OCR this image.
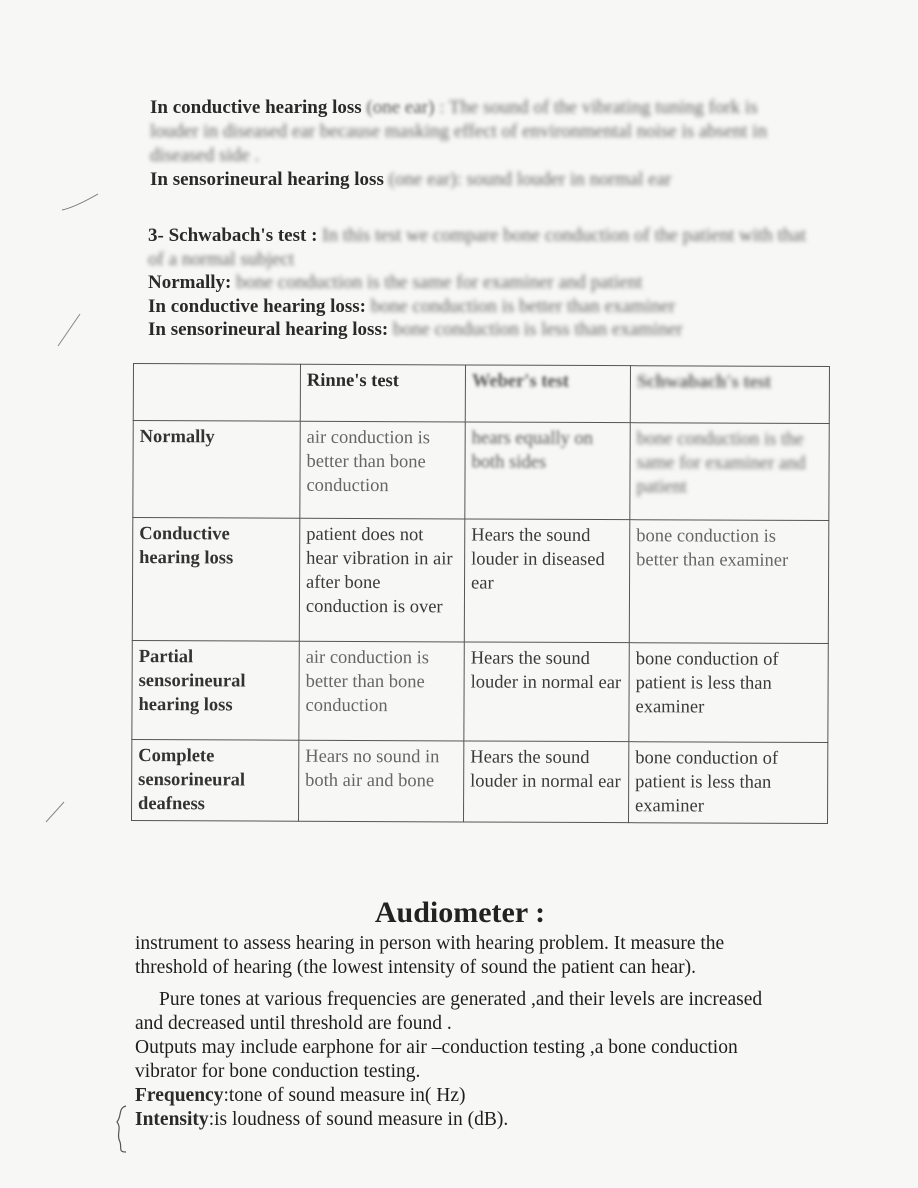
In conductive hearing loss (one ear) : The sound of the vibrating tuning fork is louder in diseased ear because masking effect of environmental noise is absent in diseased side .

In sensorineural hearing loss (one ear): sound louder in normal ear

3- Schwabach's test : In this test we compare bone conduction of the patient with that of a normal subject

Normally: bone conduction is the same for examiner and patient

In conductive hearing loss: bone conduction is better than examiner

In sensorineural hearing loss: bone conduction is less than examiner

	Rinne's test	Weber's test	Schwabach's test
Normally	air conduction is better than bone conduction	hears equally on both sides	bone conduction is the same for examiner and patient
Conductive hearing loss	patient does not hear vibration in air after bone conduction is over	Hears the sound louder in diseased ear	bone conduction is better than examiner
Partial sensorineural hearing loss	air conduction is better than bone conduction	Hears the sound louder in normal ear	bone conduction of patient is less than examiner
Complete sensorineural deafness	Hears no sound in both air and bone	Hears the sound louder in normal ear	bone conduction of patient is less than examiner
Audiometer :

instrument to assess hearing in person with hearing problem. It measure the threshold of hearing (the lowest intensity of sound the patient can hear).

Pure tones at various frequencies are generated ,and their levels are increased and decreased until threshold are found .

Outputs may include earphone for air –conduction testing ,a bone conduction vibrator for bone conduction testing.

Frequency:tone of sound measure in( Hz)

Intensity:is loudness of sound measure in (dB).
